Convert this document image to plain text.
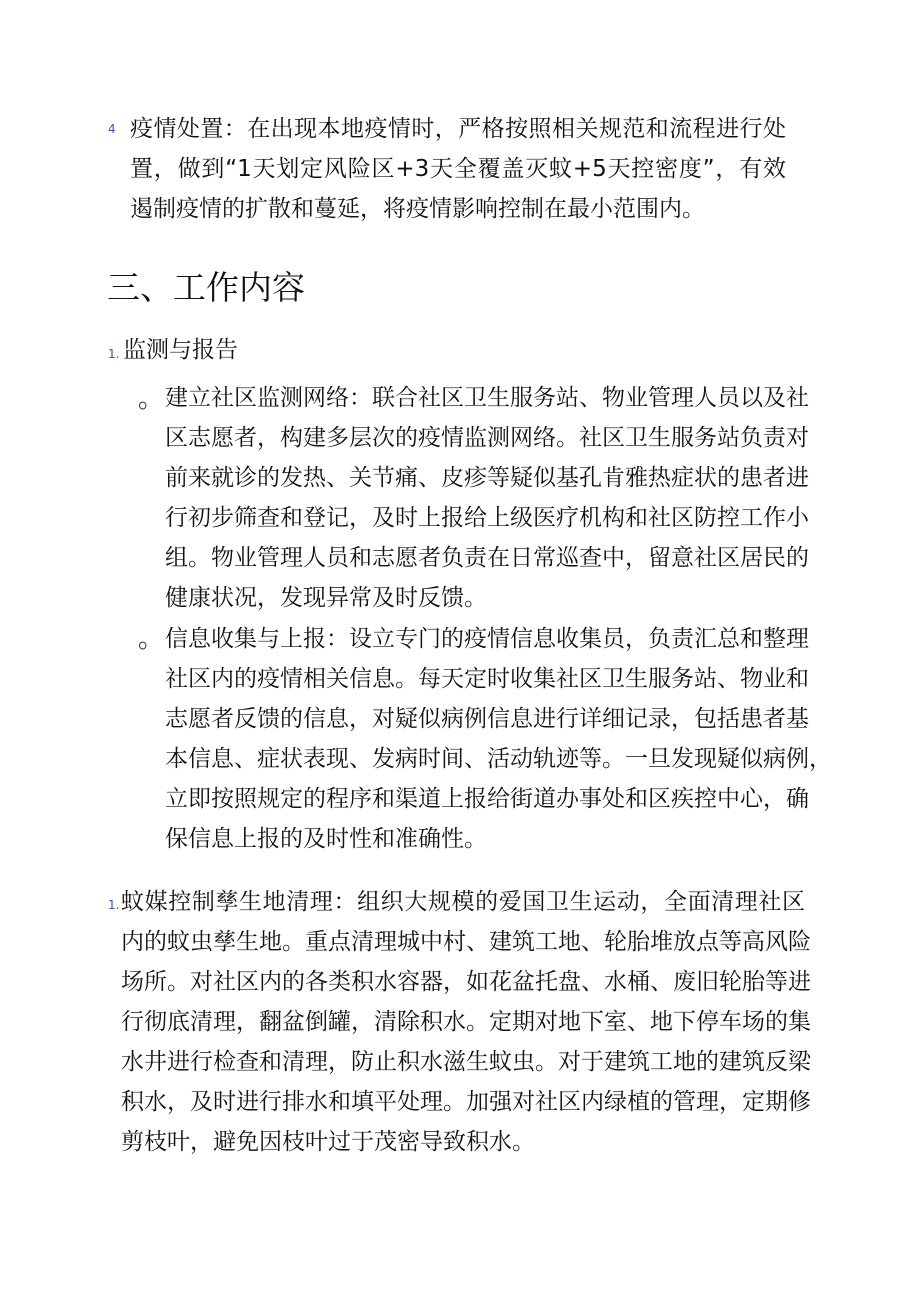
4 疫情处置：在出现本地疫情时，严格按照相关规范和流程进行处
置，做到“1天划定风险区+3天全覆盖灭蚊+5天控密度”，有效
遏制疫情的扩散和蔓延，将疫情影响控制在最小范围内。
三、工作内容
1. 监测与报告
。 建立社区监测网络：联合社区卫生服务站、物业管理人员以及社
区志愿者，构建多层次的疫情监测网络。社区卫生服务站负责对
前来就诊的发热、关节痛、皮疹等疑似基孔肯雅热症状的患者进
行初步筛查和登记，及时上报给上级医疗机构和社区防控工作小
组。物业管理人员和志愿者负责在日常巡查中，留意社区居民的
健康状况，发现异常及时反馈。
。 信息收集与上报：设立专门的疫情信息收集员，负责汇总和整理
社区内的疫情相关信息。每天定时收集社区卫生服务站、物业和
志愿者反馈的信息，对疑似病例信息进行详细记录，包括患者基
本信息、症状表现、发病时间、活动轨迹等。一旦发现疑似病例，
立即按照规定的程序和渠道上报给街道办事处和区疾控中心，确
保信息上报的及时性和准确性。
1. 蚊媒控制孳生地清理：组织大规模的爱国卫生运动，全面清理社区
内的蚊虫孳生地。重点清理城中村、建筑工地、轮胎堆放点等高风险
场所。对社区内的各类积水容器，如花盆托盘、水桶、废旧轮胎等进
行彻底清理，翻盆倒罐，清除积水。定期对地下室、地下停车场的集
水井进行检查和清理，防止积水滋生蚊虫。对于建筑工地的建筑反梁
积水，及时进行排水和填平处理。加强对社区内绿植的管理，定期修
剪枝叶，避免因枝叶过于茂密导致积水。
